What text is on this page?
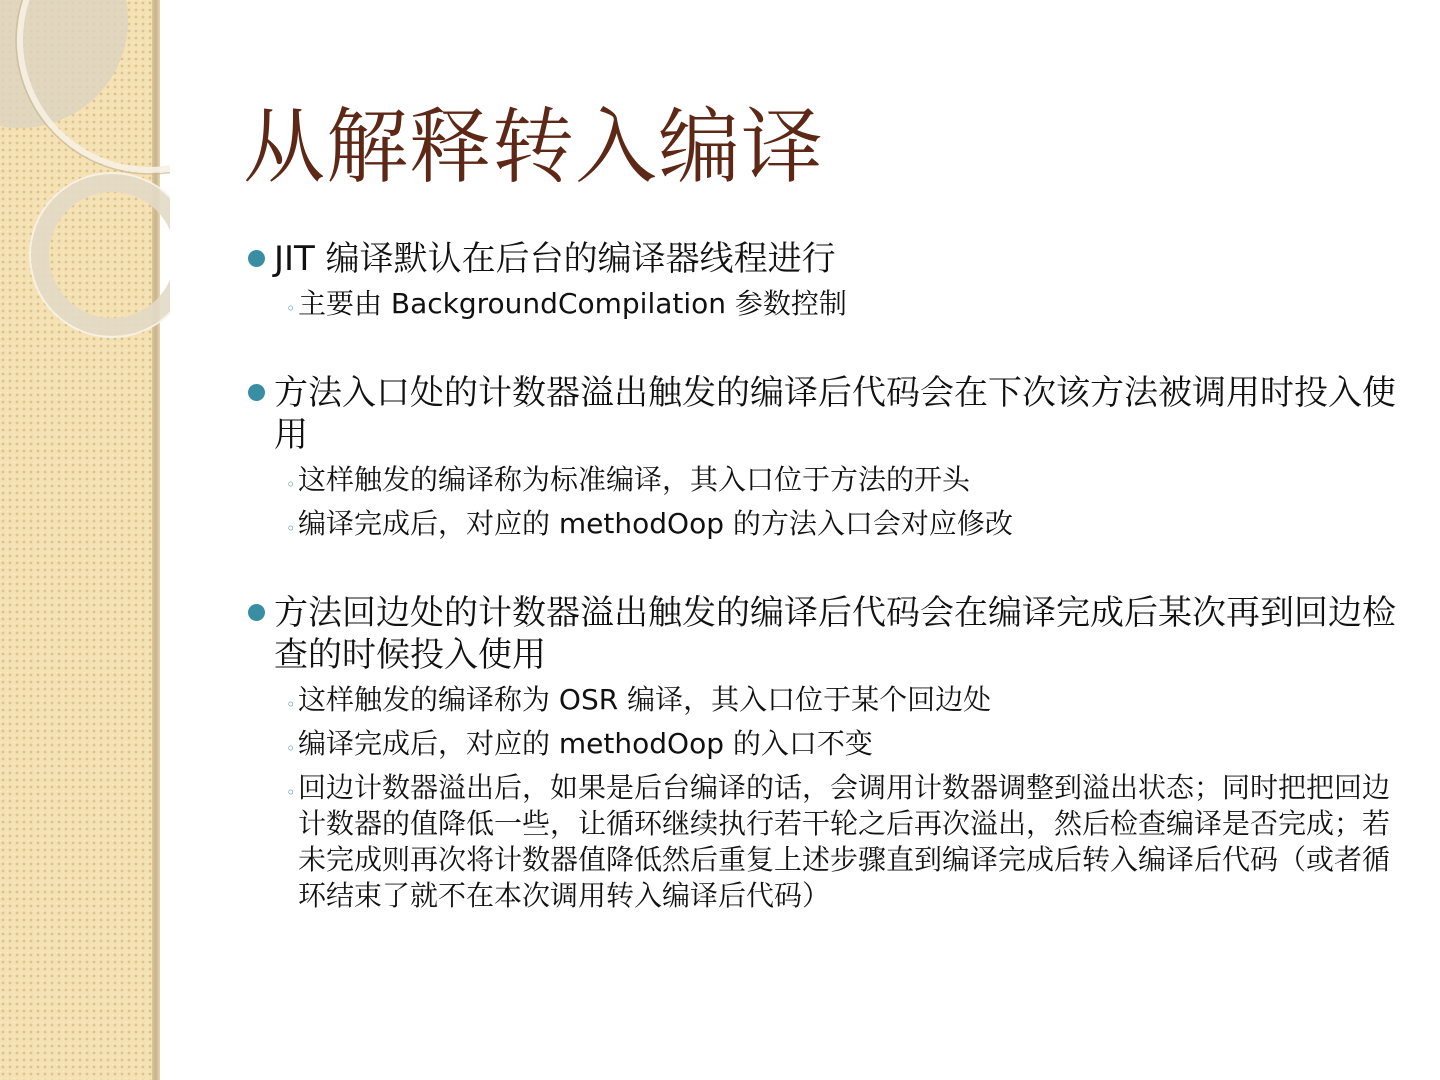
从解释转入编译
JIT 编译默认在后台的编译器线程进行
◦ 主要由 BackgroundCompilation 参数控制
方法入口处的计数器溢出触发的编译后代码会在下次该方法被调用时投入使用
◦ 这样触发的编译称为标准编译，其入口位于方法的开头
◦ 编译完成后，对应的 methodOop 的方法入口会对应修改
方法回边处的计数器溢出触发的编译后代码会在编译完成后某次再到回边检查的时候投入使用
◦ 这样触发的编译称为 OSR 编译，其入口位于某个回边处
◦ 编译完成后，对应的 methodOop 的入口不变
◦ 回边计数器溢出后，如果是后台编译的话，会调用计数器调整到溢出状态；同时把把回边计数器的值降低一些，让循环继续执行若干轮之后再次溢出，然后检查编译是否完成；若未完成则再次将计数器值降低然后重复上述步骤直到编译完成后转入编译后代码（或者循环结束了就不在本次调用转入编译后代码）
